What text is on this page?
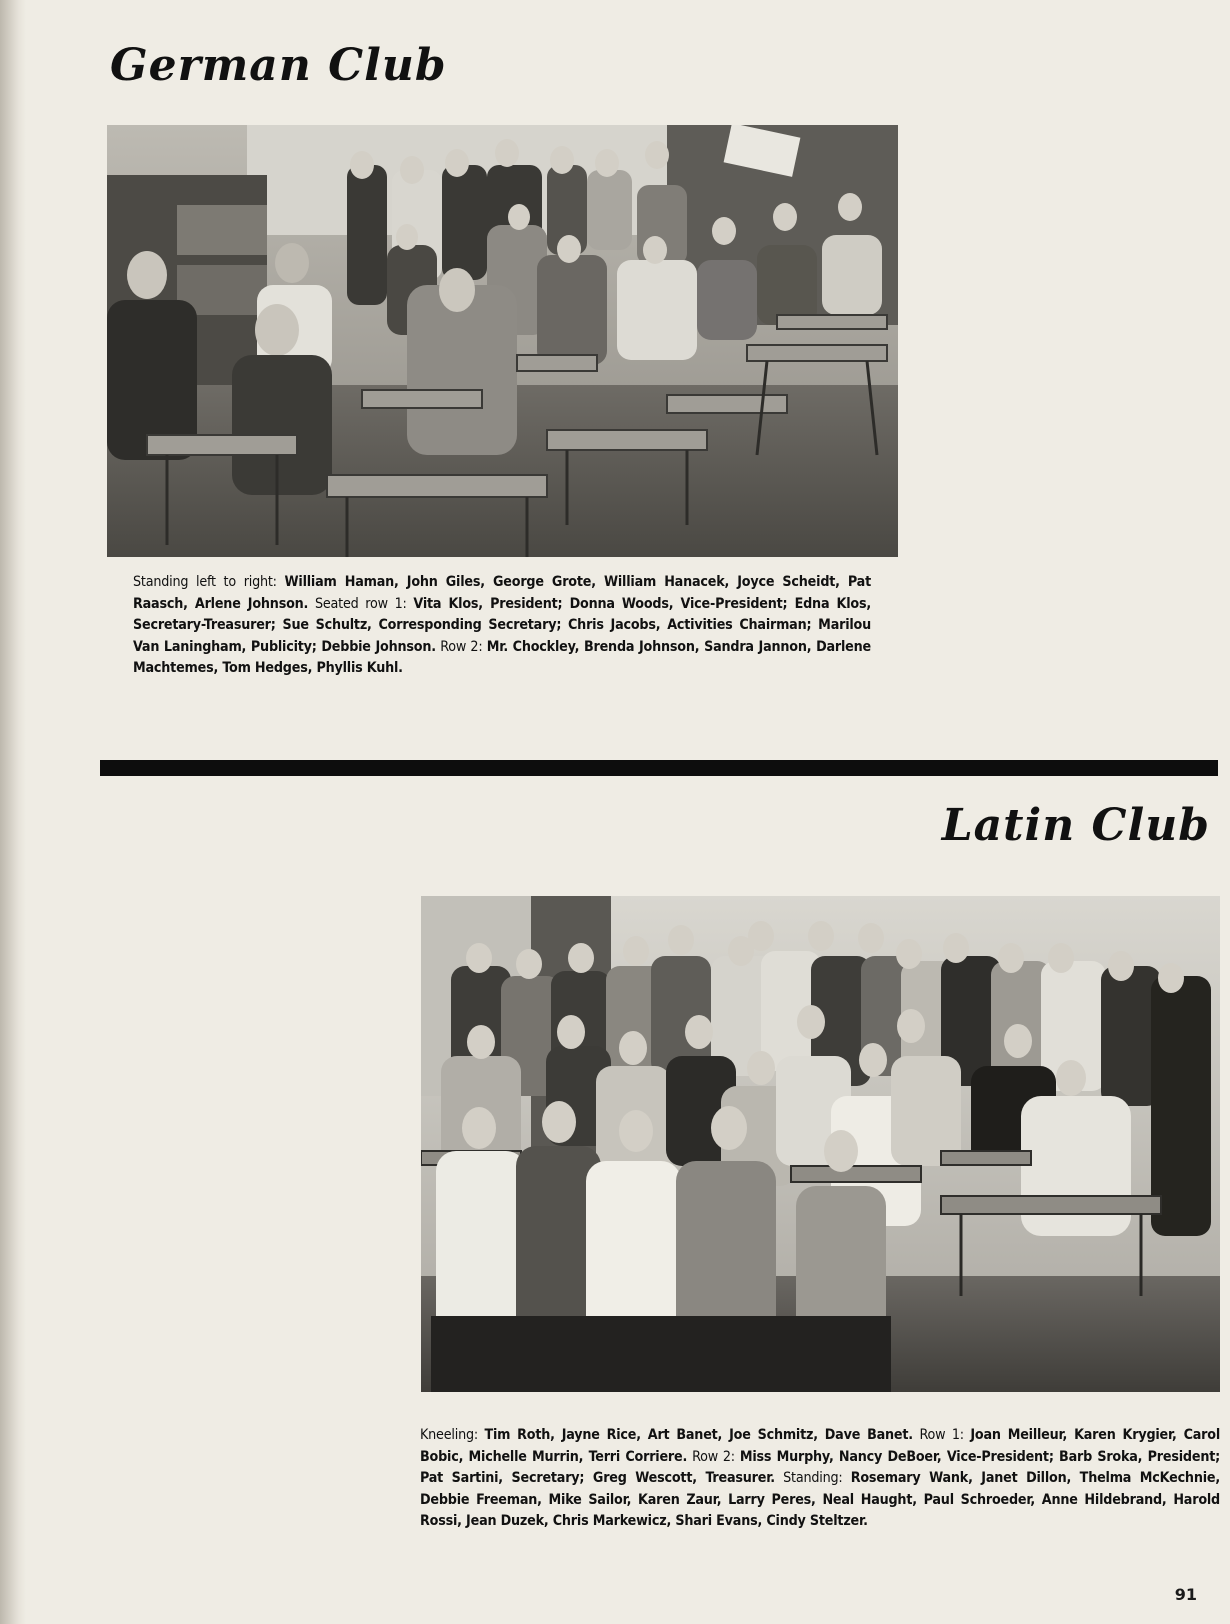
German Club
Standing left to right: William Haman, John Giles, George Grote, William Hanacek, Joyce Scheidt, Pat Raasch, Arlene Johnson. Seated row 1: Vita Klos, President; Donna Woods, Vice-President; Edna Klos, Secretary-Treasurer; Sue Schultz, Corresponding Secretary; Chris Jacobs, Activities Chairman; Marilou Van Laningham, Publicity; Debbie Johnson. Row 2: Mr. Chockley, Brenda Johnson, Sandra Jannon, Darlene Machtemes, Tom Hedges, Phyllis Kuhl.
Latin Club
Kneeling: Tim Roth, Jayne Rice, Art Banet, Joe Schmitz, Dave Banet. Row 1: Joan Meilleur, Karen Krygier, Carol Bobic, Michelle Murrin, Terri Corriere. Row 2: Miss Murphy, Nancy DeBoer, Vice-President; Barb Sroka, President; Pat Sartini, Secretary; Greg Wescott, Treasurer. Standing: Rosemary Wank, Janet Dillon, Thelma McKechnie, Debbie Freeman, Mike Sailor, Karen Zaur, Larry Peres, Neal Haught, Paul Schroeder, Anne Hildebrand, Harold Rossi, Jean Duzek, Chris Markewicz, Shari Evans, Cindy Steltzer.
91
